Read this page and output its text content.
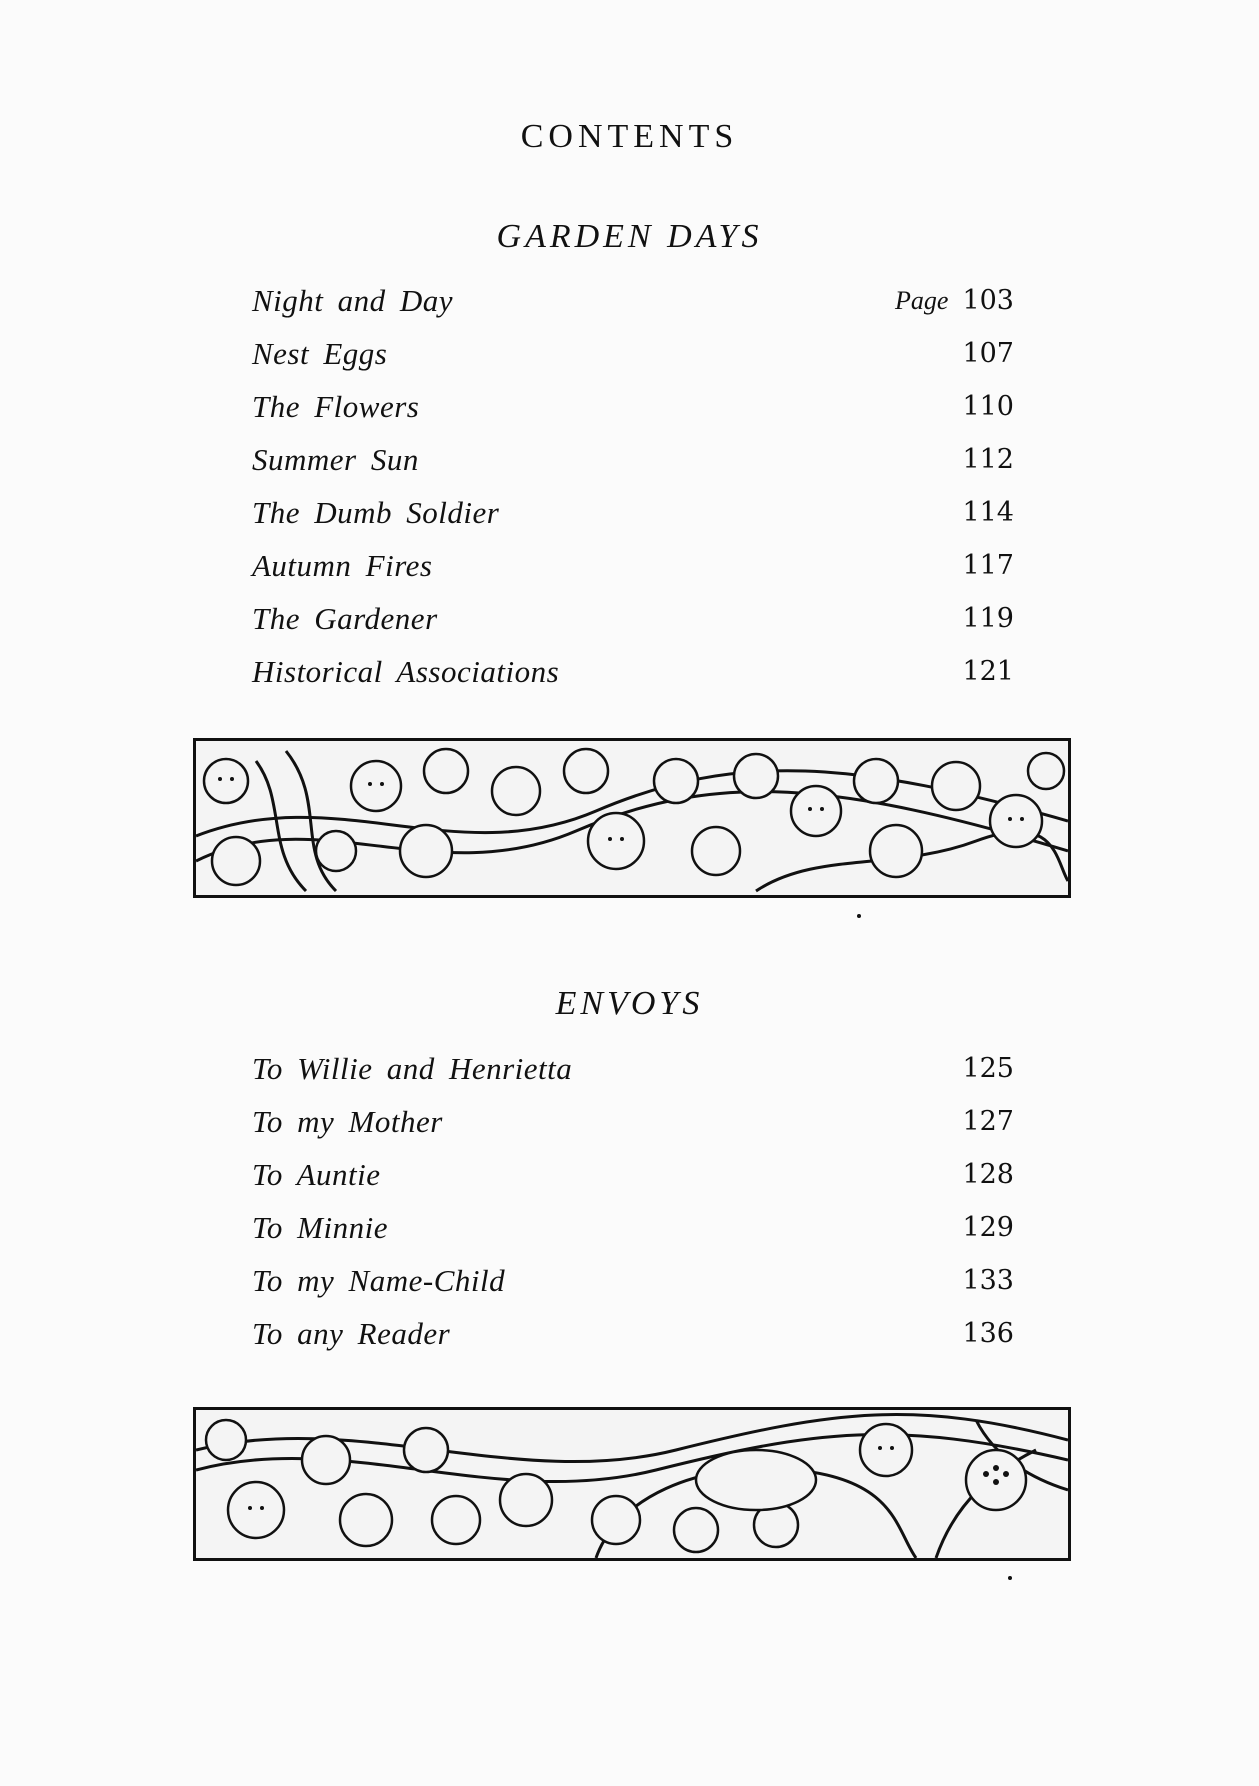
CONTENTS
GARDEN DAYS
Night and Day	Page 103
Nest Eggs	107
The Flowers	110
Summer Sun	112
The Dumb Soldier	114
Autumn Fires	117
The Gardener	119
Historical Associations	121
ENVOYS
To Willie and Henrietta	125
To my Mother	127
To Auntie	128
To Minnie	129
To my Name-Child	133
To any Reader	136
